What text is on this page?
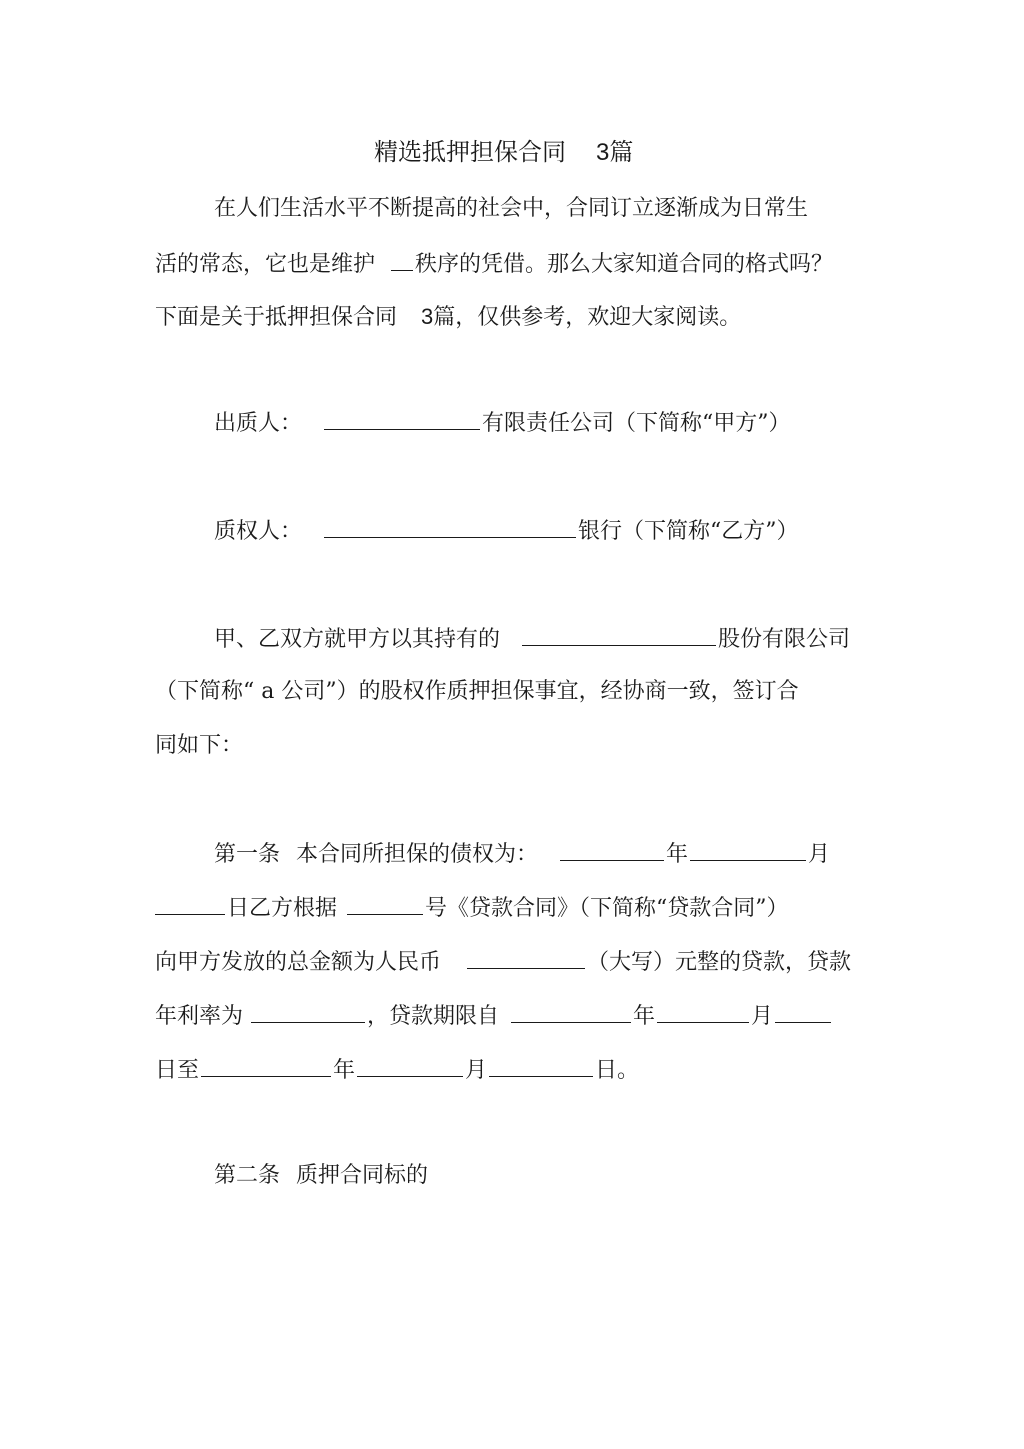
精选抵押担保合同 3篇
在人们生活水平不断提高的社会中，合同订立逐渐成为日常生
活的常态，它也是维护 秩序的凭借。那么大家知道合同的格式吗？
下面是关于抵押担保合同 3篇，仅供参考，欢迎大家阅读。
出质人：	有限责任公司（下简称“甲方”）
质权人：	银行（下简称“乙方”）
甲、乙双方就甲方以其持有的	股份有限公司
（下简称“ a 公司”）的股权作质押担保事宜，经协商一致，签订合
同如下：
第一条 本合同所担保的债权为：	年	月
日乙方根据	号《贷款合同》（下简称“贷款合同”）
向甲方发放的总金额为人民币	（大写）元整的贷款，贷款
年利率为	，贷款期限自	年	月
日至	年	月	日。
第二条 质押合同标的
